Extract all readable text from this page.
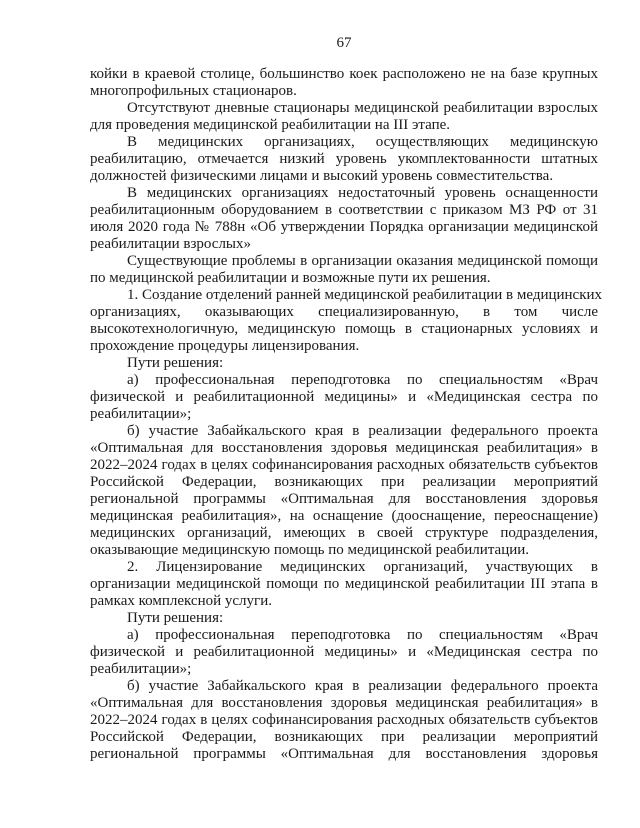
67
койки в краевой столице, большинство коек расположено не на базе крупных
многопрофильных стационаров.
Отсутствуют дневные стационары медицинской реабилитации взрослых
для проведения медицинской реабилитации на III этапе.
В медицинских организациях, осуществляющих медицинскую
реабилитацию, отмечается низкий уровень укомплектованности штатных
должностей физическими лицами и высокий уровень совместительства.
В медицинских организациях недостаточный уровень оснащенности
реабилитационным оборудованием в соответствии с приказом МЗ РФ от 31
июля 2020 года № 788н «Об утверждении Порядка организации медицинской
реабилитации взрослых»
Существующие проблемы в организации оказания медицинской помощи
по медицинской реабилитации и возможные пути их решения.
1. Создание отделений ранней медицинской реабилитации в медицинских
организациях, оказывающих специализированную, в том числе
высокотехнологичную, медицинскую помощь в стационарных условиях и
прохождение процедуры лицензирования.
Пути решения:
а) профессиональная переподготовка по специальностям «Врач
физической и реабилитационной медицины» и «Медицинская сестра по
реабилитации»;
б) участие Забайкальского края в реализации федерального проекта
«Оптимальная для восстановления здоровья медицинская реабилитация» в
2022–2024 годах в целях софинансирования расходных обязательств субъектов
Российской Федерации, возникающих при реализации мероприятий
региональной программы «Оптимальная для восстановления здоровья
медицинская реабилитация», на оснащение (дооснащение, переоснащение)
медицинских организаций, имеющих в своей структуре подразделения,
оказывающие медицинскую помощь по медицинской реабилитации.
2. Лицензирование медицинских организаций, участвующих в
организации медицинской помощи по медицинской реабилитации III этапа в
рамках комплексной услуги.
Пути решения:
а) профессиональная переподготовка по специальностям «Врач
физической и реабилитационной медицины» и «Медицинская сестра по
реабилитации»;
б) участие Забайкальского края в реализации федерального проекта
«Оптимальная для восстановления здоровья медицинская реабилитация» в
2022–2024 годах в целях софинансирования расходных обязательств субъектов
Российской Федерации, возникающих при реализации мероприятий
региональной программы «Оптимальная для восстановления здоровья
